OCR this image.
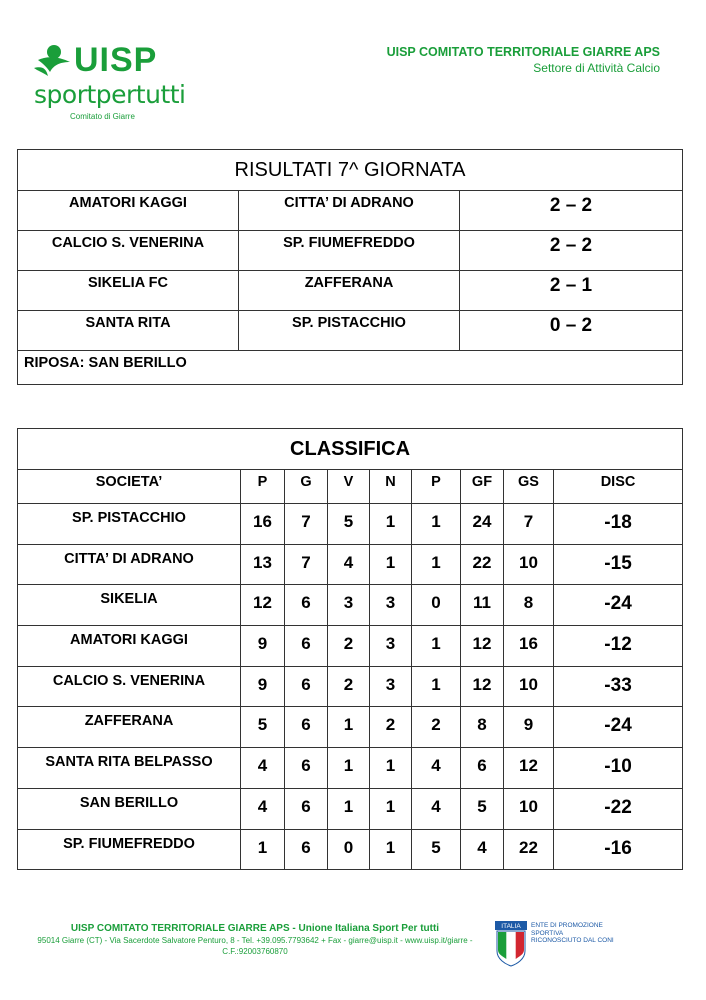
UISP
sportpertutti
Comitato di Giarre
UISP COMITATO TERRITORIALE GIARRE APS
Settore di Attività Calcio
RISULTATI 7^ GIORNATA		
AMATORI KAGGI	CITTA’ DI ADRANO	2 – 2
CALCIO S. VENERINA	SP. FIUMEFREDDO	2 – 2
SIKELIA FC	ZAFFERANA	2 – 1
SANTA RITA	SP. PISTACCHIO	0 – 2
RIPOSA: SAN BERILLO		
CLASSIFICA								
SOCIETA’	P	G	V	N	P	GF	GS	DISC
SP. PISTACCHIO	16	7	5	1	1	24	7	-18
CITTA’ DI ADRANO	13	7	4	1	1	22	10	-15
SIKELIA	12	6	3	3	0	11	8	-24
AMATORI KAGGI	9	6	2	3	1	12	16	-12
CALCIO S. VENERINA	9	6	2	3	1	12	10	-33
ZAFFERANA	5	6	1	2	2	8	9	-24
SANTA RITA BELPASSO	4	6	1	1	4	6	12	-10
SAN BERILLO	4	6	1	1	4	5	10	-22
SP. FIUMEFREDDO	1	6	0	1	5	4	22	-16
UISP COMITATO TERRITORIALE GIARRE APS - Unione Italiana Sport Per tutti
95014 Giarre (CT) - Via Sacerdote Salvatore Penturo, 8 - Tel. +39.095.7793642 + Fax - giarre@uisp.it - www.uisp.it/giarre -
C.F.:92003760870
ITALIA ENTE DI PROMOZIONE SPORTIVA RICONOSCIUTO DAL CONI
